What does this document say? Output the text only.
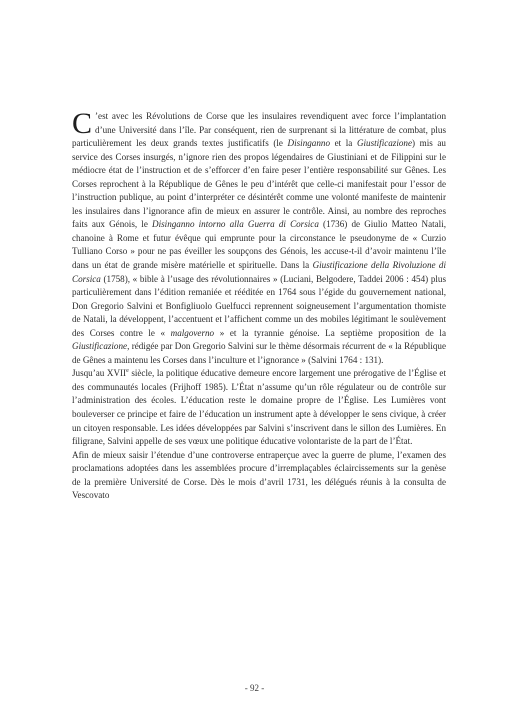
C ’est avec les Révolutions de Corse que les insulaires revendiquent avec force l’implantation d’une Université dans l’île. Par conséquent, rien de surprenant si la littérature de combat, plus particulièrement les deux grands textes justificatifs (le Disinganno et la Giustificazione) mis au service des Corses insurgés, n’ignore rien des propos légendaires de Giustiniani et de Filippini sur le médiocre état de l’instruction et de s’efforcer d’en faire peser l’entière responsabilité sur Gênes. Les Corses reprochent à la République de Gênes le peu d’intérêt que celle-ci manifestait pour l’essor de l’instruction publique, au point d’interpréter ce désintérêt comme une volonté manifeste de maintenir les insulaires dans l’ignorance afin de mieux en assurer le contrôle. Ainsi, au nombre des reproches faits aux Génois, le Disinganno intorno alla Guerra di Corsica (1736) de Giulio Matteo Natali, chanoine à Rome et futur évêque qui emprunte pour la circonstance le pseudonyme de « Curzio Tulliano Corso » pour ne pas éveiller les soupçons des Génois, les accuse-t-il d’avoir maintenu l’île dans un état de grande misère matérielle et spirituelle. Dans la Giustificazione della Rivoluzione di Corsica (1758), « bible à l’usage des révolutionnaires » (Luciani, Belgodere, Taddei 2006 : 454) plus particulièrement dans l’édition remaniée et rééditée en 1764 sous l’égide du gouvernement national, Don Gregorio Salvini et Bonfigliuolo Guelfucci reprennent soigneusement l’argumentation thomiste de Natali, la développent, l’accentuent et l’affichent comme un des mobiles légitimant le soulèvement des Corses contre le « malgoverno » et la tyrannie génoise. La septième proposition de la Giustificazione, rédigée par Don Gregorio Salvini sur le thème désormais récurrent de « la République de Gênes a maintenu les Corses dans l’inculture et l’ignorance » (Salvini 1764 : 131).

Jusqu’au XVIIe siècle, la politique éducative demeure encore largement une prérogative de l’Église et des communautés locales (Frijhoff 1985). L’État n’assume qu’un rôle régulateur ou de contrôle sur l’administration des écoles. L’éducation reste le domaine propre de l’Église. Les Lumières vont bouleverser ce principe et faire de l’éducation un instrument apte à développer le sens civique, à créer un citoyen responsable. Les idées développées par Salvini s’inscrivent dans le sillon des Lumières. En filigrane, Salvini appelle de ses vœux une politique éducative volontariste de la part de l’État.

Afin de mieux saisir l’étendue d’une controverse entraperçue avec la guerre de plume, l’examen des proclamations adoptées dans les assemblées procure d’irremplaçables éclaircissements sur la genèse de la première Université de Corse. Dès le mois d’avril 1731, les délégués réunis à la consulta de Vescovato

- 92 -
